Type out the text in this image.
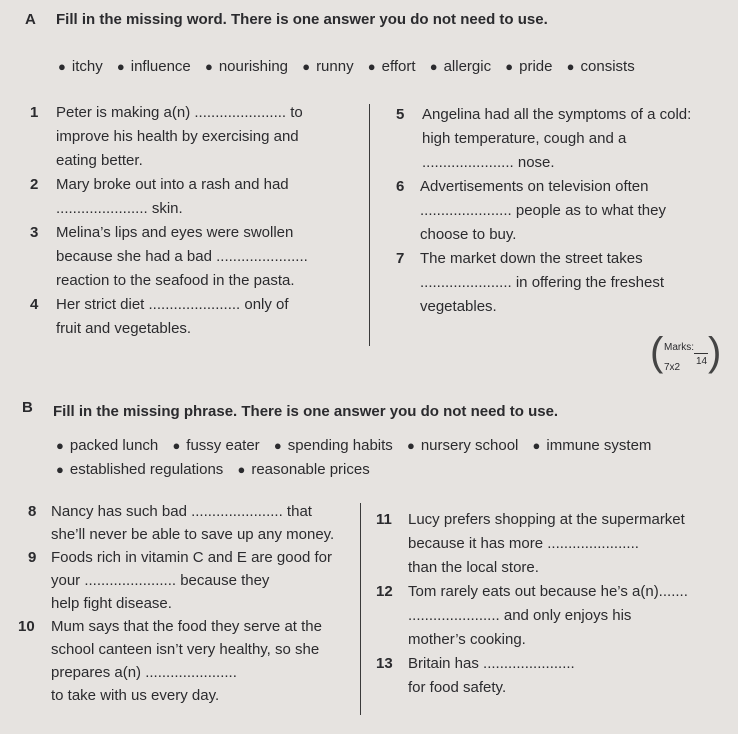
A Fill in the missing word. There is one answer you do not need to use.
● itchy ● influence ● nourishing ● runny ● effort ● allergic ● pride ● consists
1 Peter is making a(n) ...................... to
improve his health by exercising and
eating better.
2 Mary broke out into a rash and had
...................... skin.
3 Melina’s lips and eyes were swollen
because she had a bad ......................
reaction to the seafood in the pasta.
4 Her strict diet ...................... only of
fruit and vegetables.
5 Angelina had all the symptoms of a cold:
high temperature, cough and a
...................... nose.
6 Advertisements on television often
...................... people as to what they
choose to buy.
7 The market down the street takes
...................... in offering the freshest
vegetables.
( Marks:
7x2
14 )
B Fill in the missing phrase. There is one answer you do not need to use.
● packed lunch ● fussy eater ● spending habits ● nursery school ● immune system
● established regulations ● reasonable prices
8 Nancy has such bad ...................... that
she’ll never be able to save up any money.
9 Foods rich in vitamin C and E are good for
your ...................... because they
help fight disease.
10 Mum says that the food they serve at the
school canteen isn’t very healthy, so she
prepares a(n) ......................
to take with us every day.
11 Lucy prefers shopping at the supermarket
because it has more ......................
than the local store.
12 Tom rarely eats out because he’s a(n).......
...................... and only enjoys his
mother’s cooking.
13 Britain has ......................
for food safety.
